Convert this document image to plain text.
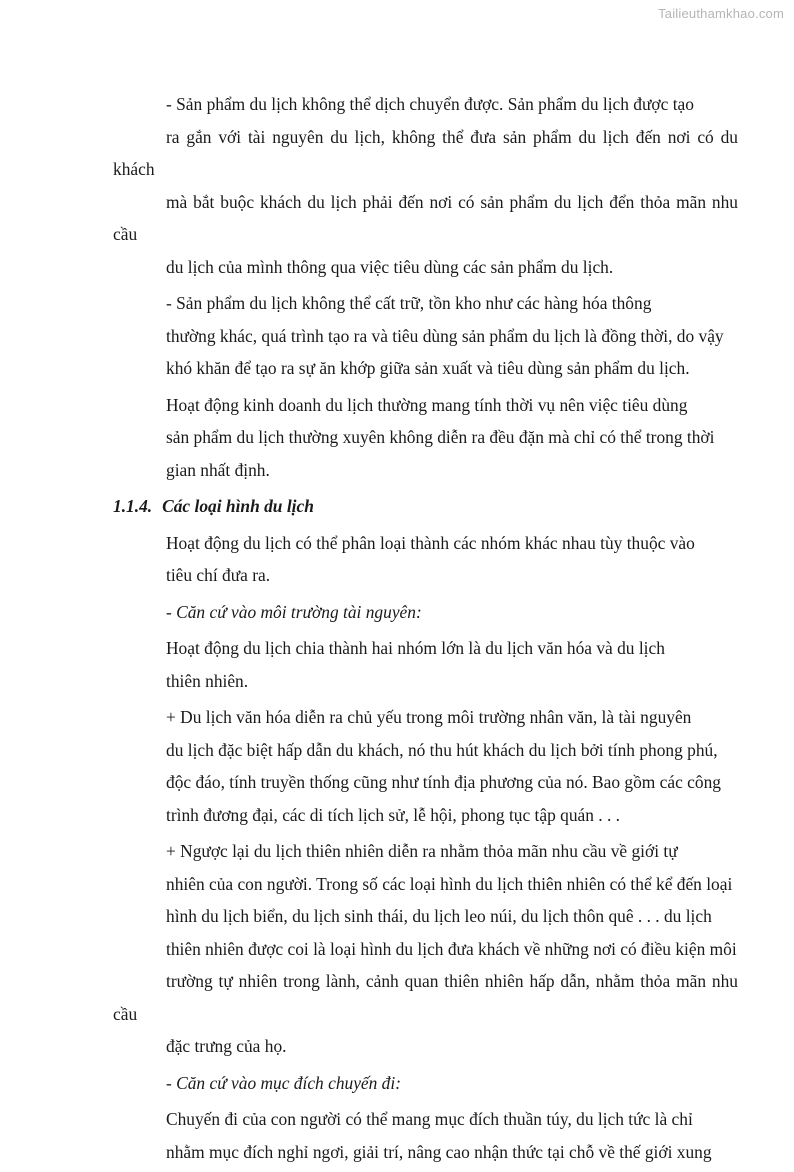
Tailieuthamkhao.com

- Sản phẩm du lịch không thể dịch chuyển được. Sản phẩm du lịch được tạo
ra gắn với tài nguyên du lịch, không thể đưa sản phẩm du lịch đến nơi có du khách
mà bắt buộc khách du lịch phải đến nơi có sản phẩm du lịch đển thỏa mãn nhu cầu
du lịch của mình thông qua việc tiêu dùng các sản phẩm du lịch.

- Sản phẩm du lịch không thể cất trữ, tồn kho như các hàng hóa thông
thường khác, quá trình tạo ra và tiêu dùng sản phẩm du lịch là đồng thời, do vậy
khó khăn để tạo ra sự ăn khớp giữa sản xuất và tiêu dùng sản phẩm du lịch.

Hoạt động kinh doanh du lịch thường mang tính thời vụ nên việc tiêu dùng
sản phẩm du lịch thường xuyên không diễn ra đều đặn mà chỉ có thể trong thời
gian nhất định.

1.1.4. Các loại hình du lịch

Hoạt động du lịch có thể phân loại thành các nhóm khác nhau tùy thuộc vào
tiêu chí đưa ra.

- Căn cứ vào môi trường tài nguyên:

Hoạt động du lịch chia thành hai nhóm lớn là du lịch văn hóa và du lịch
thiên nhiên.

+ Du lịch văn hóa diễn ra chủ yếu trong môi trường nhân văn, là tài nguyên
du lịch đặc biệt hấp dẫn du khách, nó thu hút khách du lịch bởi tính phong phú,
độc đáo, tính truyền thống cũng như tính địa phương của nó. Bao gồm các công
trình đương đại, các di tích lịch sử, lễ hội, phong tục tập quán . . .

+ Ngược lại du lịch thiên nhiên diễn ra nhằm thỏa mãn nhu cầu về giới tự
nhiên của con người. Trong số các loại hình du lịch thiên nhiên có thể kể đến loại
hình du lịch biển, du lịch sinh thái, du lịch leo núi, du lịch thôn quê . . . du lịch
thiên nhiên được coi là loại hình du lịch đưa khách về những nơi có điều kiện môi
trường tự nhiên trong lành, cảnh quan thiên nhiên hấp dẫn, nhằm thỏa mãn nhu cầu
đặc trưng của họ.

- Căn cứ vào mục đích chuyến đi:

Chuyến đi của con người có thể mang mục đích thuần túy, du lịch tức là chỉ
nhằm mục đích nghỉ ngơi, giải trí, nâng cao nhận thức tại chỗ về thế giới xung
